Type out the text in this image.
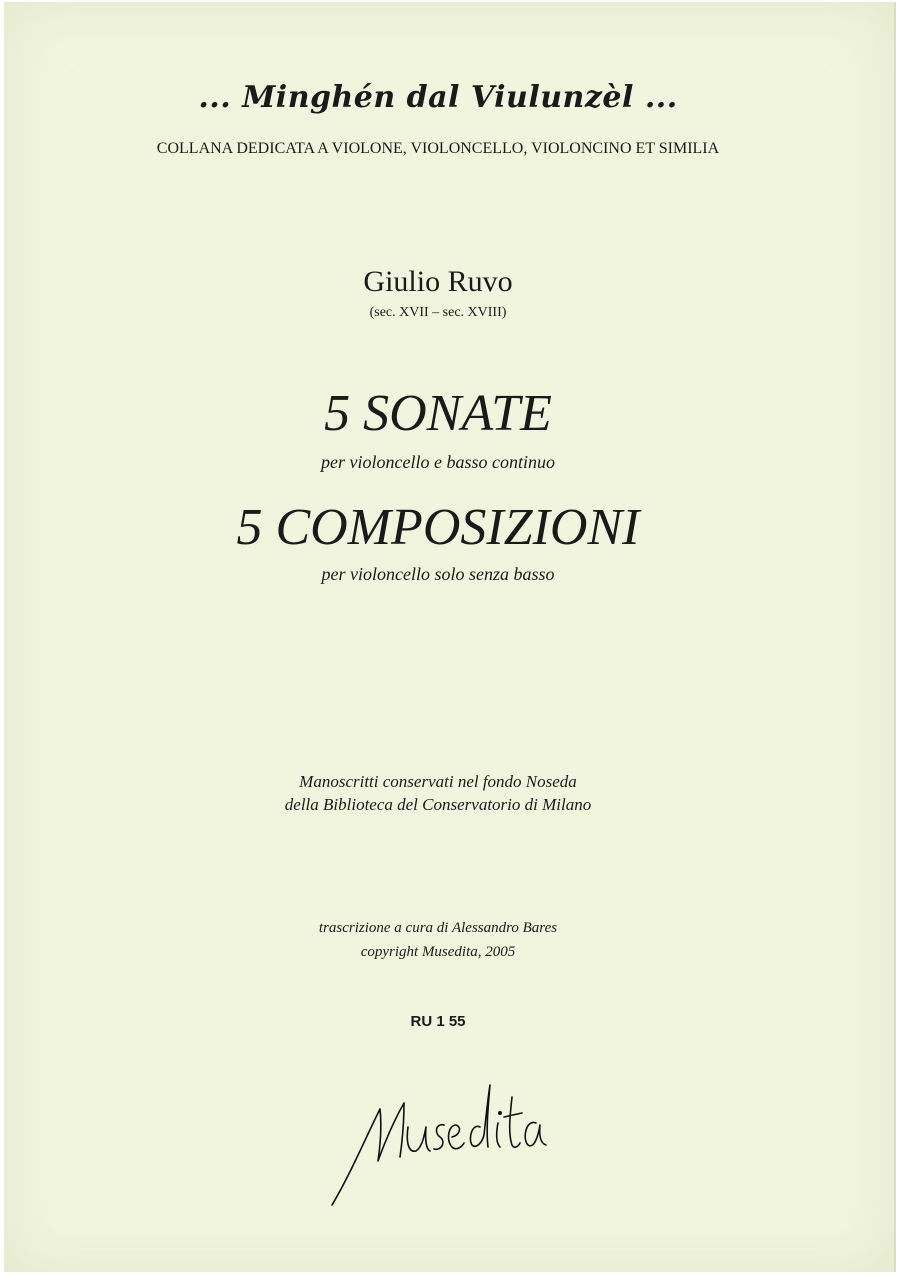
... Minghén dal Viulunzèl ...
COLLANA DEDICATA A VIOLONE, VIOLONCELLO, VIOLONCINO ET SIMILIA
Giulio Ruvo
(sec. XVII – sec. XVIII)
5 SONATE
per violoncello e basso continuo
5 COMPOSIZIONI
per violoncello solo senza basso
Manoscritti conservati nel fondo Noseda
della Biblioteca del Conservatorio di Milano
trascrizione a cura di Alessandro Bares
copyright Musedita, 2005
RU 1 55
